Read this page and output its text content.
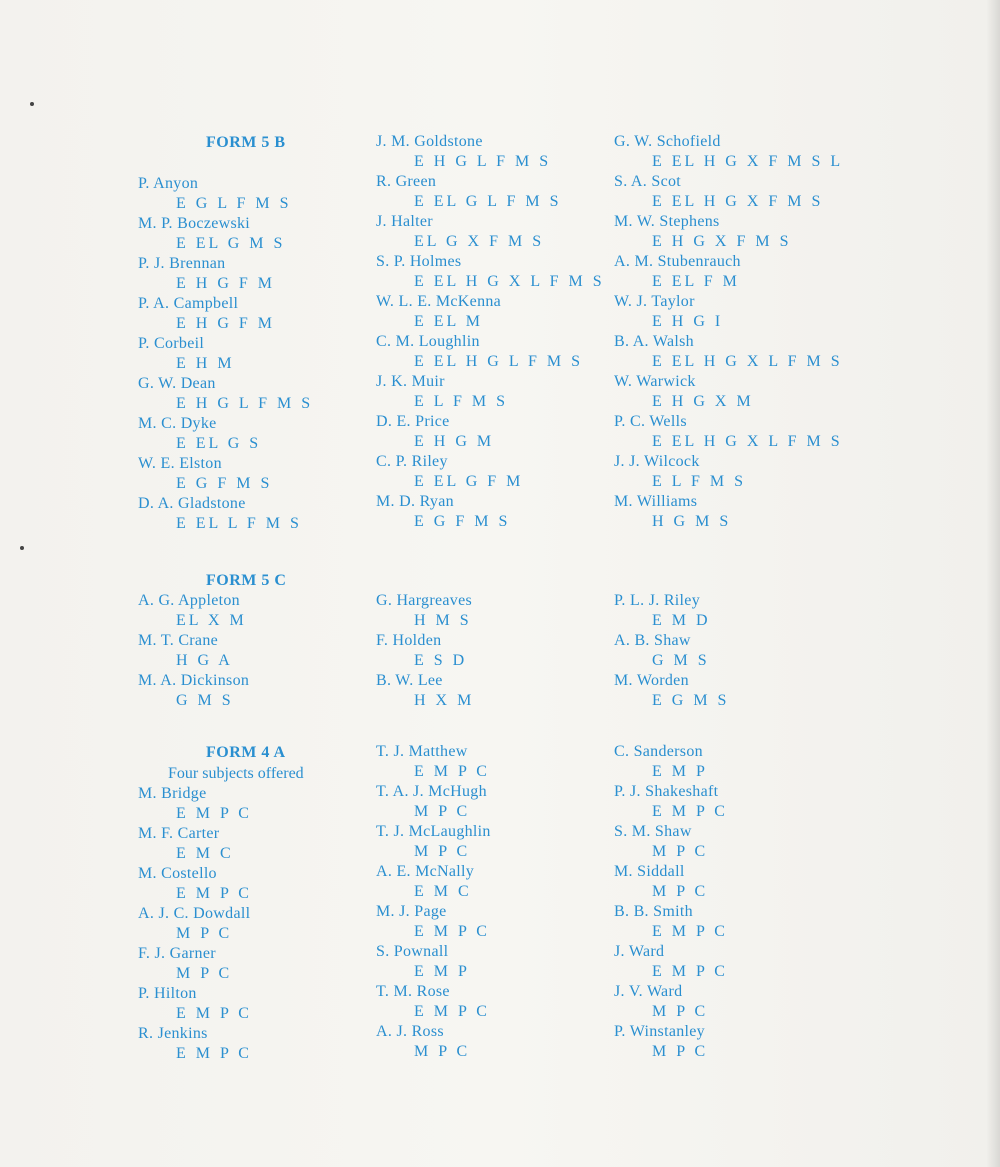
FORM 5 B
P. Anyon
E G L F M S
M. P. Boczewski
E EL G M S
P. J. Brennan
E H G F M
P. A. Campbell
E H G F M
P. Corbeil
E H M
G. W. Dean
E H G L F M S
M. C. Dyke
E EL G S
W. E. Elston
E G F M S
D. A. Gladstone
E EL L F M S
J. M. Goldstone
E H G L F M S
R. Green
E EL G L F M S
J. Halter
EL G X F M S
S. P. Holmes
E EL H G X L F M S
W. L. E. McKenna
E EL M
C. M. Loughlin
E EL H G L F M S
J. K. Muir
E L F M S
D. E. Price
E H G M
C. P. Riley
E EL G F M
M. D. Ryan
E G F M S
G. W. Schofield
E EL H G X F M S L
S. A. Scot
E EL H G X F M S
M. W. Stephens
E H G X F M S
A. M. Stubenrauch
E EL F M
W. J. Taylor
E H G I
B. A. Walsh
E EL H G X L F M S
W. Warwick
E H G X M
P. C. Wells
E EL H G X L F M S
J. J. Wilcock
E L F M S
M. Williams
H G M S
FORM 5 C
A. G. Appleton
EL X M
M. T. Crane
H G A
M. A. Dickinson
G M S
G. Hargreaves
H M S
F. Holden
E S D
B. W. Lee
H X M
P. L. J. Riley
E M D
A. B. Shaw
G M S
M. Worden
E G M S
FORM 4 A
Four subjects offered
M. Bridge
E M P C
M. F. Carter
E M C
M. Costello
E M P C
A. J. C. Dowdall
M P C
F. J. Garner
M P C
P. Hilton
E M P C
R. Jenkins
E M P C
T. J. Matthew
E M P C
T. A. J. McHugh
M P C
T. J. McLaughlin
M P C
A. E. McNally
E M C
M. J. Page
E M P C
S. Pownall
E M P
T. M. Rose
E M P C
A. J. Ross
M P C
C. Sanderson
E M P
P. J. Shakeshaft
E M P C
S. M. Shaw
M P C
M. Siddall
M P C
B. B. Smith
E M P C
J. Ward
E M P C
J. V. Ward
M P C
P. Winstanley
M P C
